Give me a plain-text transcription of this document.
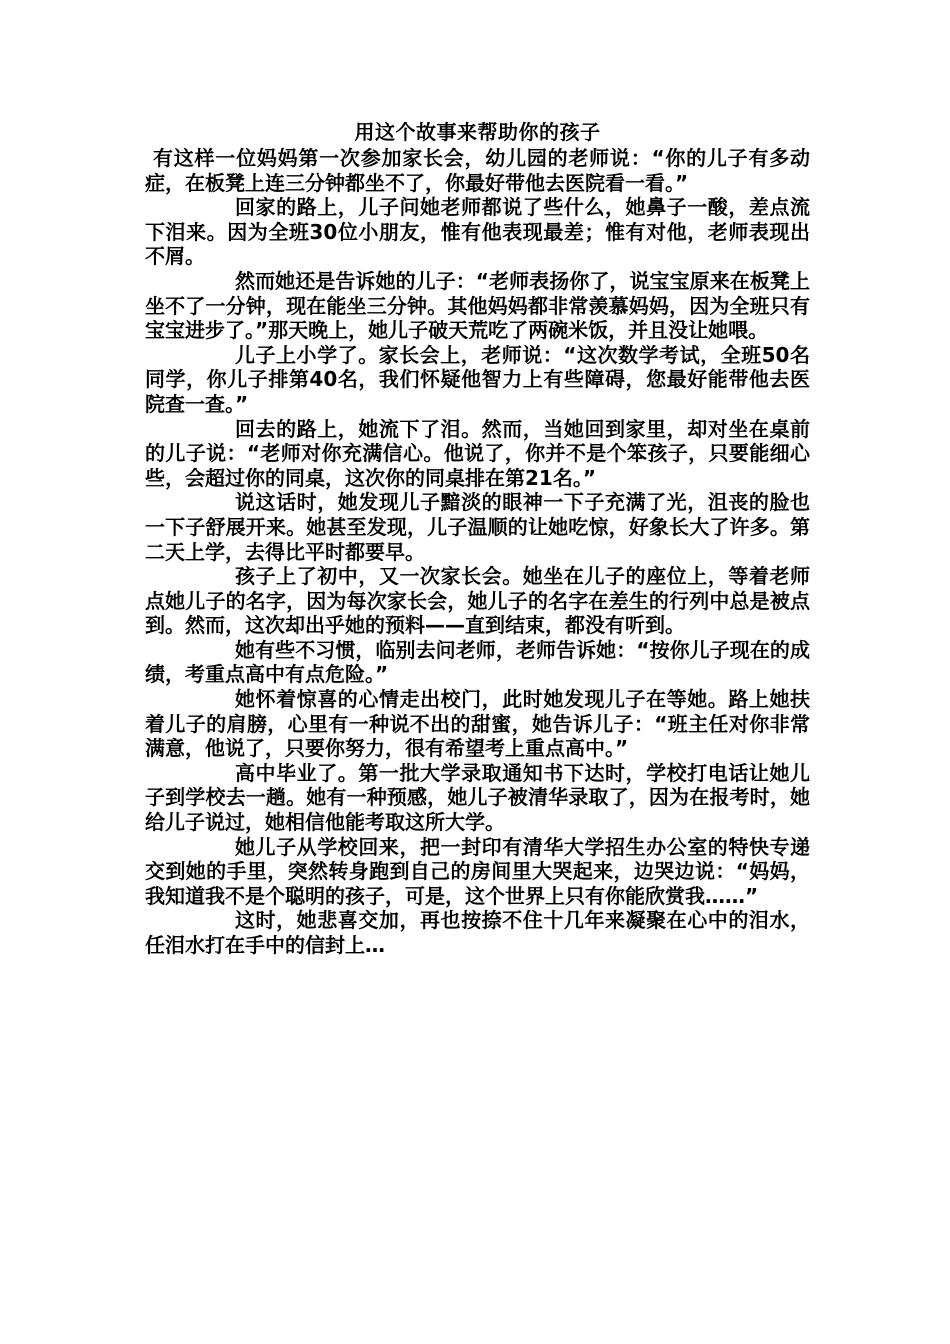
用这个故事来帮助你的孩子

有这样一位妈妈第一次参加家长会，幼儿园的老师说：“你的儿子有多动症，在板凳上连三分钟都坐不了，你最好带他去医院看一看。”

回家的路上，儿子问她老师都说了些什么，她鼻子一酸，差点流下泪来。因为全班30位小朋友，惟有他表现最差；惟有对他，老师表现出不屑。

然而她还是告诉她的儿子：“老师表扬你了，说宝宝原来在板凳上坐不了一分钟，现在能坐三分钟。其他妈妈都非常羡慕妈妈，因为全班只有宝宝进步了。”那天晚上，她儿子破天荒吃了两碗米饭，并且没让她喂。

儿子上小学了。家长会上，老师说：“这次数学考试，全班50名同学，你儿子排第40名，我们怀疑他智力上有些障碍，您最好能带他去医院查一查。”

回去的路上，她流下了泪。然而，当她回到家里，却对坐在桌前的儿子说：“老师对你充满信心。他说了，你并不是个笨孩子，只要能细心些，会超过你的同桌，这次你的同桌排在第21名。”

说这话时，她发现儿子黯淡的眼神一下子充满了光，沮丧的脸也一下子舒展开来。她甚至发现，儿子温顺的让她吃惊，好象长大了许多。第二天上学，去得比平时都要早。

孩子上了初中，又一次家长会。她坐在儿子的座位上，等着老师点她儿子的名字，因为每次家长会，她儿子的名字在差生的行列中总是被点到。然而，这次却出乎她的预料——直到结束，都没有听到。

她有些不习惯，临别去问老师，老师告诉她：“按你儿子现在的成绩，考重点高中有点危险。”

她怀着惊喜的心情走出校门，此时她发现儿子在等她。路上她扶着儿子的肩膀，心里有一种说不出的甜蜜，她告诉儿子：“班主任对你非常满意，他说了，只要你努力，很有希望考上重点高中。”

高中毕业了。第一批大学录取通知书下达时，学校打电话让她儿子到学校去一趟。她有一种预感，她儿子被清华录取了，因为在报考时，她给儿子说过，她相信他能考取这所大学。

她儿子从学校回来，把一封印有清华大学招生办公室的特快专递交到她的手里，突然转身跑到自己的房间里大哭起来，边哭边说：“妈妈，我知道我不是个聪明的孩子，可是，这个世界上只有你能欣赏我……”

这时，她悲喜交加，再也按捺不住十几年来凝聚在心中的泪水，任泪水打在手中的信封上…
